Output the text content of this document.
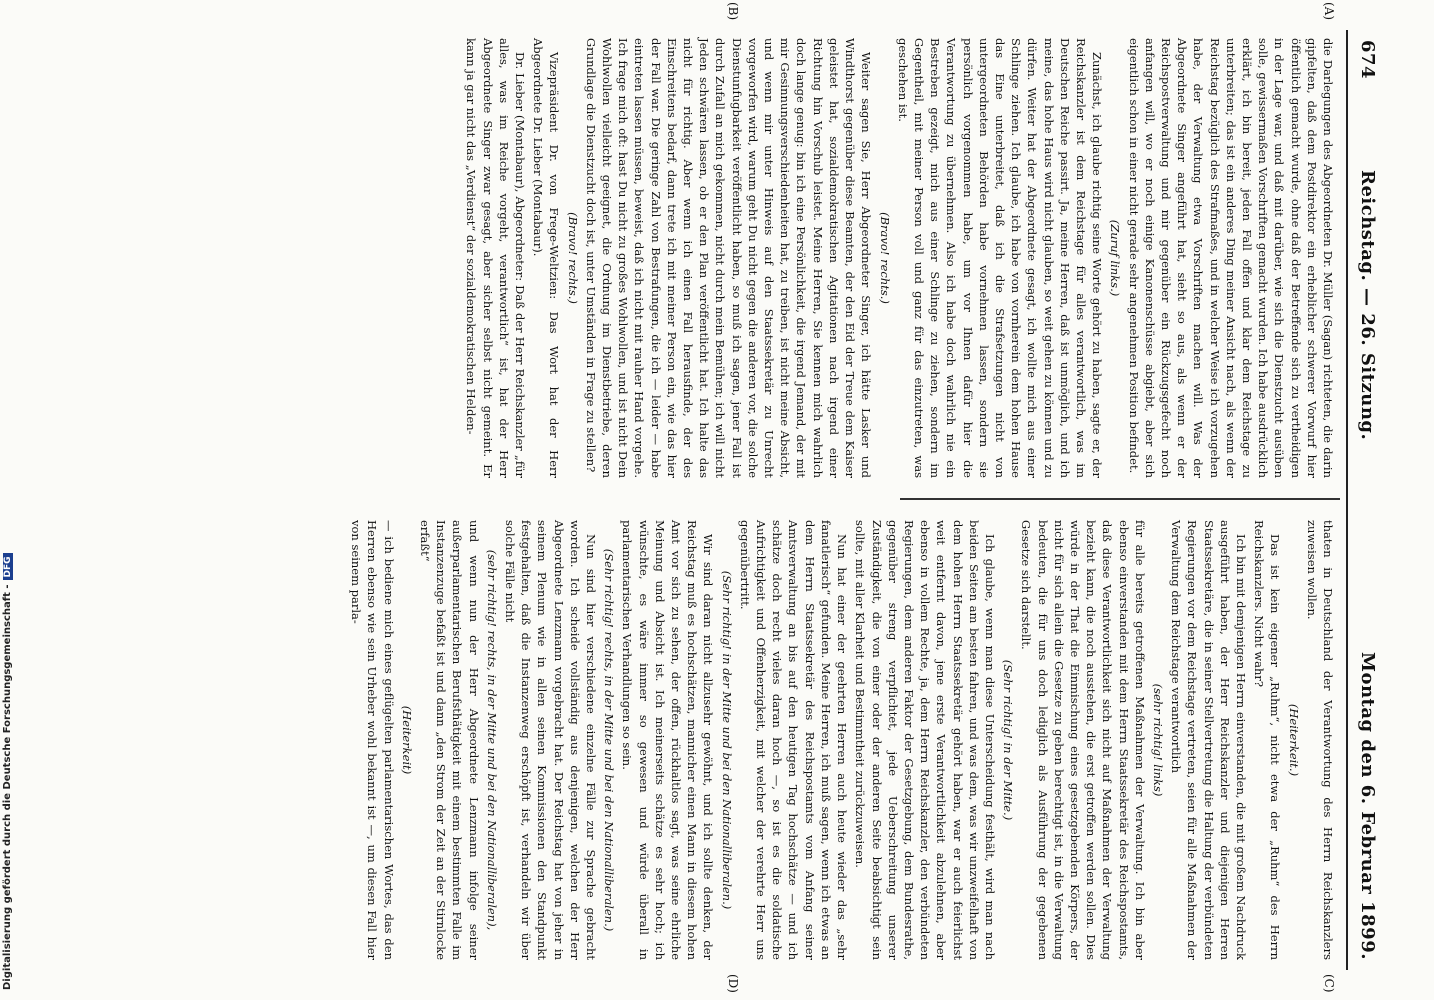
674
Reichstag. — 26. Sitzung.
Montag den 6. Februar 1899.
(A)
(B)
(C)
(D)

die Darlegungen des Abgeordneten Dr. Müller (Sagan) richteten, die darin gipfelten, daß dem Postdirektor ein erheblicher schwerer Vorwurf hier öffentlich gemacht wurde, ohne daß der Betreffende sich zu vertheidigen in der Lage war, und daß mit darüber, wie sich die Dienstzucht ausüben solle, gewissermaßen Vorschriften gemacht wurden. Ich habe ausdrücklich erklärt, ich bin bereit, jeden Fall offen und klar dem Reichstage zu unterbreiten; das ist ein anderes Ding meiner Ansicht nach, als wenn der Reichstag bezüglich des Strafmaßes, und in welcher Weise ich vorzugehen habe, der Verwaltung etwa Vorschriften machen will. Was der Abgeordnete Singer angeführt hat, sieht so aus, als wenn er der Reichspostverwaltung und mir gegenüber ein Rückzugsgefecht noch anfangen will, wo er noch einige Kanonenschüsse abgiebt, aber sich eigentlich schon in einer nicht gerade sehr angenehmen Position befindet.

(Zuruf links.)

Zunächst, ich glaube richtig seine Worte gehört zu haben, sagte er, der Reichskanzler ist dem Reichstage für alles verantwortlich, was im Deutschen Reiche passirt. Ja, meine Herren, daß ist unmöglich, und ich meine, das hohe Haus wird nicht glauben, so weit gehen zu können und zu dürfen. Weiter hat der Abgeordnete gesagt, ich wollte mich aus einer Schlinge ziehen. Ich glaube, ich habe von vornherein dem hohen Hause das Eine unterbreitet, daß ich die Strafsetzungen nicht von untergeordneten Behörden habe vornehmen lassen, sondern sie persönlich vorgenommen habe, um vor Ihnen dafür hier die Verantwortung zu übernehmen. Also ich habe doch wahrlich nie ein Bestreben gezeigt, mich aus einer Schlinge zu ziehen, sondern im Gegentheil, mit meiner Person voll und ganz für das einzutreten, was geschehen ist.

(Bravo! rechts.)

Weiter sagen Sie, Herr Abgeordneter Singer, ich hätte Lasker und Windthorst gegenüber diese Beamten, der den Eid der Treue dem Kaiser geleistet hat, sozialdemokratischen Agitationen nach irgend einer Richtung hin Vorschub leistet. Meine Herren, Sie kennen mich wahrlich doch lange genug: bin ich eine Persönlichkeit, die irgend Jemand, der mit mir Gesinnungsverschiedenheiten hat, zu treiben, ist nicht meine Absicht, und wenn mir unter Hinweis auf den Staatssekretär zu Unrecht vorgeworfen wird, warum geht Du nicht gegen die anderen vor, die solche Dienstunfugbarkeit veröffentlicht haben, so muß ich sagen, jener Fall ist durch Zufall an mich gekommen, nicht durch mein Bemühen; ich will nicht Jeden schwären lassen, ob er den Plan veröffentlicht hat. Ich halte das nicht für richtig. Aber wenn ich einen Fall herausfinde, der des Einschreitens bedarf, dann trete ich mit meiner Person ein, wie das hier der Fall war. Die geringe Zahl von Bestrafungen, die ich — leider — habe eintreten lassen müssen, beweist, daß ich nicht mit rauher Hand vorgehe. Ich frage mich oft: hast Du nicht zu großes Wohlwollen, und ist nicht Dein Wohlwollen vielleicht geeignet, die Ordnung im Dienstbetriebe, deren Grundlage die Dienstzucht doch ist, unter Umständen in Frage zu stellen?

(Bravo! rechts.)

Vizepräsident Dr. von Frege-Weltzien: Das Wort hat der Herr Abgeordnete Dr. Lieber (Montabaur).

Dr. Lieber (Montabaur), Abgeordneter: Daß der Herr Reichskanzler „für alles, was im Reiche vorgeht, verantwortlich“ ist, hat der Herr Abgeordnete Singer zwar gesagt, aber sicher selbst nicht gemeint. Er kann ja gar nicht das „Verdienst“ der sozialdemokratischen Helden-

thaten in Deutschland der Verantwortung des Herrn Reichskanzlers zuweisen wollen.

(Heiterkeit.)

Das ist kein eigener „Ruhm“, nicht etwa der „Ruhm“ des Herrn Reichskanzlers. Nicht wahr?

Ich bin mit demjenigen Herrn einverstanden, die mit großem Nachdruck ausgeführt haben, der Herr Reichskanzler und diejenigen Herren Staatssekretäre, die in seiner Stellvertretung die Haltung der verbündeten Regierungen vor dem Reichstage vertreten, seien für alle Maßnahmen der Verwaltung dem Reichstage verantwortlich

(sehr richtig! links)

für alle bereits getroffenen Maßnahmen der Verwaltung. Ich bin aber ebenso einverstanden mit dem Herrn Staatssekretär des Reichspostamts, daß diese Verantwortlichkeit sich nicht auf Maßnahmen der Verwaltung bezieht kann, die noch ausstehen, die erst getroffen werden sollen. Dies würde in der That die Einmischung eines gesetzgebenden Körpers, der nicht für sich allein die Gesetze zu geben berechtigt ist, in die Verwaltung bedeuten, die für uns doch lediglich als Ausführung der gegebenen Gesetze sich darstellt.

(Sehr richtig! in der Mitte.)

Ich glaube, wenn man diese Unterscheidung festhält, wird man nach beiden Seiten am besten fahren, und was dem, was wir unzweifelhaft von dem hohen Herrn Staatssekretär gehört haben, war er auch feierlichst weit entfernt davon, jene erste Verantwortlichkeit abzulehnen, aber ebenso in vollem Rechte, ja, dem Herrn Reichskanzler, den verbündeten Regierungen, dem anderen Faktor der Gesetzgebung, dem Bundesrathe, gegenüber streng verpflichtet, jede Ueberschreitung unserer Zuständigkeit, die von einer oder der anderen Seite beabsichtigt sein sollte, mit aller Klarheit und Bestimmtheit zurückzuweisen.

Nun hat einer der geehrten Herren auch heute wieder das „sehr fanatlerisch“ gefunden. Meine Herren, ich muß sagen, wenn ich etwas an dem Herrn Staatssekretär des Reichspostamts vom Anfang seiner Amtsverwaltung an bis auf den heutigen Tag hochschätze — und ich schätze doch recht vieles daran hoch —, so ist es die soldatische Aufrichtigkeit und Offenherzigkeit, mit welcher der verehrte Herr uns gegenübertritt.

(Sehr richtig! in der Mitte und bei den Nationalliberalen.)

Wir sind daran nicht allzusehr gewöhnt, und ich sollte denken, der Reichstag muß es hochschätzen, mannicher einen Mann in diesem hohen Amt vor sich zu sehen, der offen, rückhaltlos sagt, was seine ehrliche Meinung und Absicht ist. Ich meinerseits schätze es sehr hoch; ich wünschte, es wäre immer so gewesen und würde überall in parlamentarischen Verhandlungen so sein.

(Sehr richtig! rechts, in der Mitte und bei den Nationalliberalen.)

Nun sind hier verschiedene einzelne Fälle zur Sprache gebracht worden. Ich scheide vollständig aus denjenigen, welchen der Herr Abgeordnete Lenzmann vorgebracht hat. Der Reichstag hat von jeher in seinem Plenum wie in allen seinen Kommissionen den Standpunkt festgehalten, daß die Instanzenweg erschöpft ist, verhandeln wir über solche Fälle nicht

(sehr richtig! rechts, in der Mitte und bei den Nationalliberalen),

und wenn nun der Herr Abgeordnete Lenzmann infolge seiner außerparlamentarischen Berufsthätigkeit mit einem bestimmten Falle im Instanzenzuge befaßt ist und dann „den Strom der Zeit an der Stirnlocke erfaßt“

(Heiterkeit)

— ich bediene mich eines geflügelten parlamentarischen Wortes, das den Herren ebenso wie sein Urheber wohl bekannt ist —, um diesen Fall hier von seinem parla-

Digitalisierung gefördert durch die Deutsche Forschungsgemeinschaft -DFG
